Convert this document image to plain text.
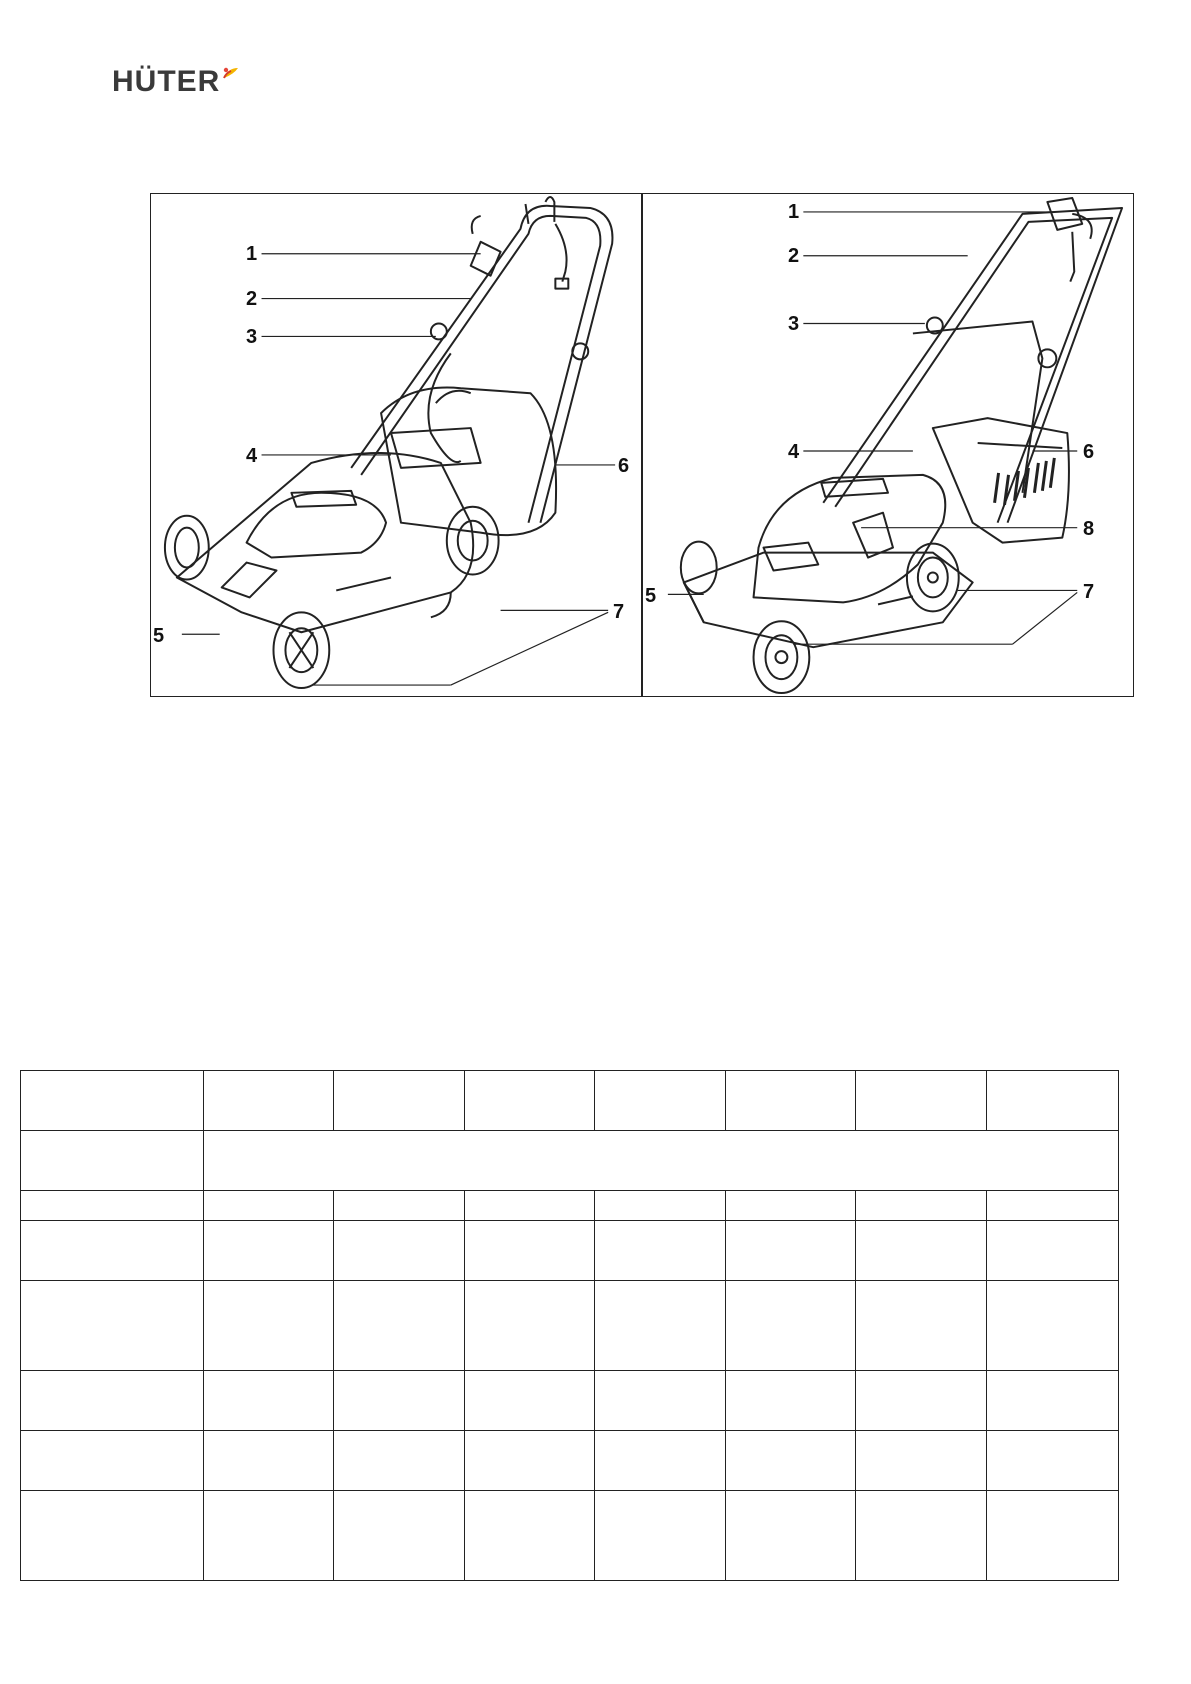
HÜTER
1
2
3
4
5
6
7
1
2
3
4
5
6
7
8
